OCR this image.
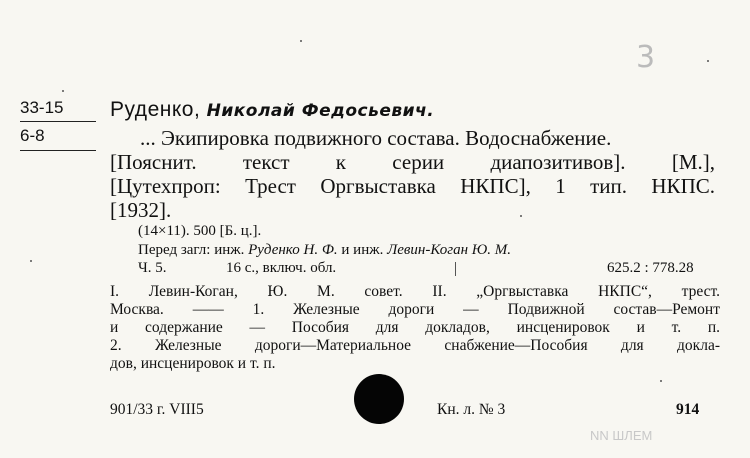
3
33-15
6-8
Руденко, Николай Федосьевич.
... Экипировка подвижного состава. Водоснабжение.
[Пояснит. текст к серии диапозитивов]. [М.],
[Цутехпроп: Трест Оргвыставка НКПС], 1 тип. НКПС.
[1932].
(14×11). 500 [Б. ц.].
Перед загл: инж. Руденко Н. Ф. и инж. Левин-Коган Ю. М.
Ч. 5.	16 с., включ. обл.	625.2 : 778.28
I. Левин-Коган, Ю. М. совет. II. „Оргвыставка НКПС“, трест.
Москва. —— 1. Железные дороги — Подвижной состав—Ремонт
и содержание — Пособия для докладов, инсценировок и т. п.
2. Железные дороги—Материальное снабжение—Пособия для докла-
дов, инсценировок и т. п.
901/33 г. VIII5	Кн. л. № 3	914
NN ШЛЕМ
